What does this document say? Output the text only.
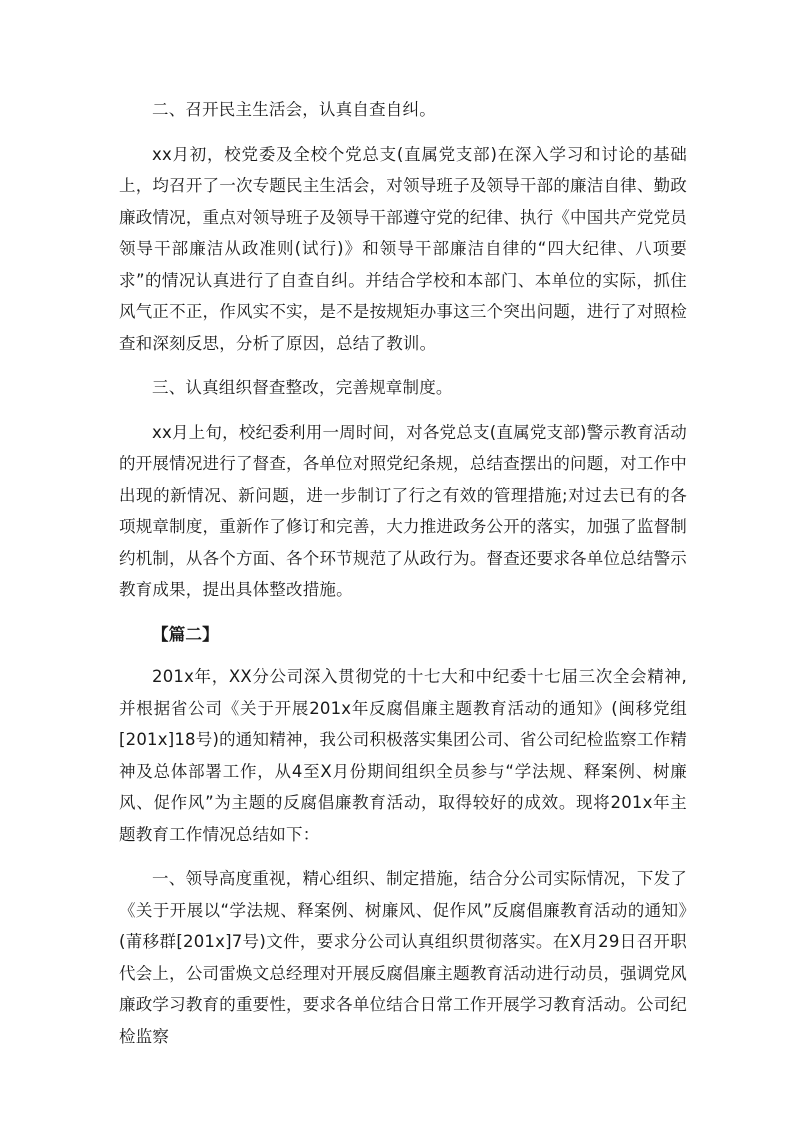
二、召开民主生活会，认真自查自纠。

xx月初，校党委及全校个党总支(直属党支部)在深入学习和讨论的基础上，均召开了一次专题民主生活会，对领导班子及领导干部的廉洁自律、勤政廉政情况，重点对领导班子及领导干部遵守党的纪律、执行《中国共产党党员领导干部廉洁从政准则(试行)》和领导干部廉洁自律的“四大纪律、八项要求”的情况认真进行了自查自纠。并结合学校和本部门、本单位的实际，抓住风气正不正，作风实不实，是不是按规矩办事这三个突出问题，进行了对照检查和深刻反思，分析了原因，总结了教训。

三、认真组织督查整改，完善规章制度。

xx月上旬，校纪委利用一周时间，对各党总支(直属党支部)警示教育活动的开展情况进行了督查，各单位对照党纪条规，总结查摆出的问题，对工作中出现的新情况、新问题，进一步制订了行之有效的管理措施;对过去已有的各项规章制度，重新作了修订和完善，大力推进政务公开的落实，加强了监督制约机制，从各个方面、各个环节规范了从政行为。督查还要求各单位总结警示教育成果，提出具体整改措施。

【篇二】

201x年，XX分公司深入贯彻党的十七大和中纪委十七届三次全会精神,并根据省公司《关于开展201x年反腐倡廉主题教育活动的通知》(闽移党组[201x]18号)的通知精神，我公司积极落实集团公司、省公司纪检监察工作精神及总体部署工作，从4至X月份期间组织全员参与“学法规、释案例、树廉风、促作风”为主题的反腐倡廉教育活动，取得较好的成效。现将201x年主题教育工作情况总结如下：

一、领导高度重视，精心组织、制定措施，结合分公司实际情况，下发了《关于开展以“学法规、释案例、树廉风、促作风”反腐倡廉教育活动的通知》(莆移群[201x]7号)文件，要求分公司认真组织贯彻落实。在X月29日召开职代会上，公司雷焕文总经理对开展反腐倡廉主题教育活动进行动员，强调党风廉政学习教育的重要性，要求各单位结合日常工作开展学习教育活动。公司纪检监察
